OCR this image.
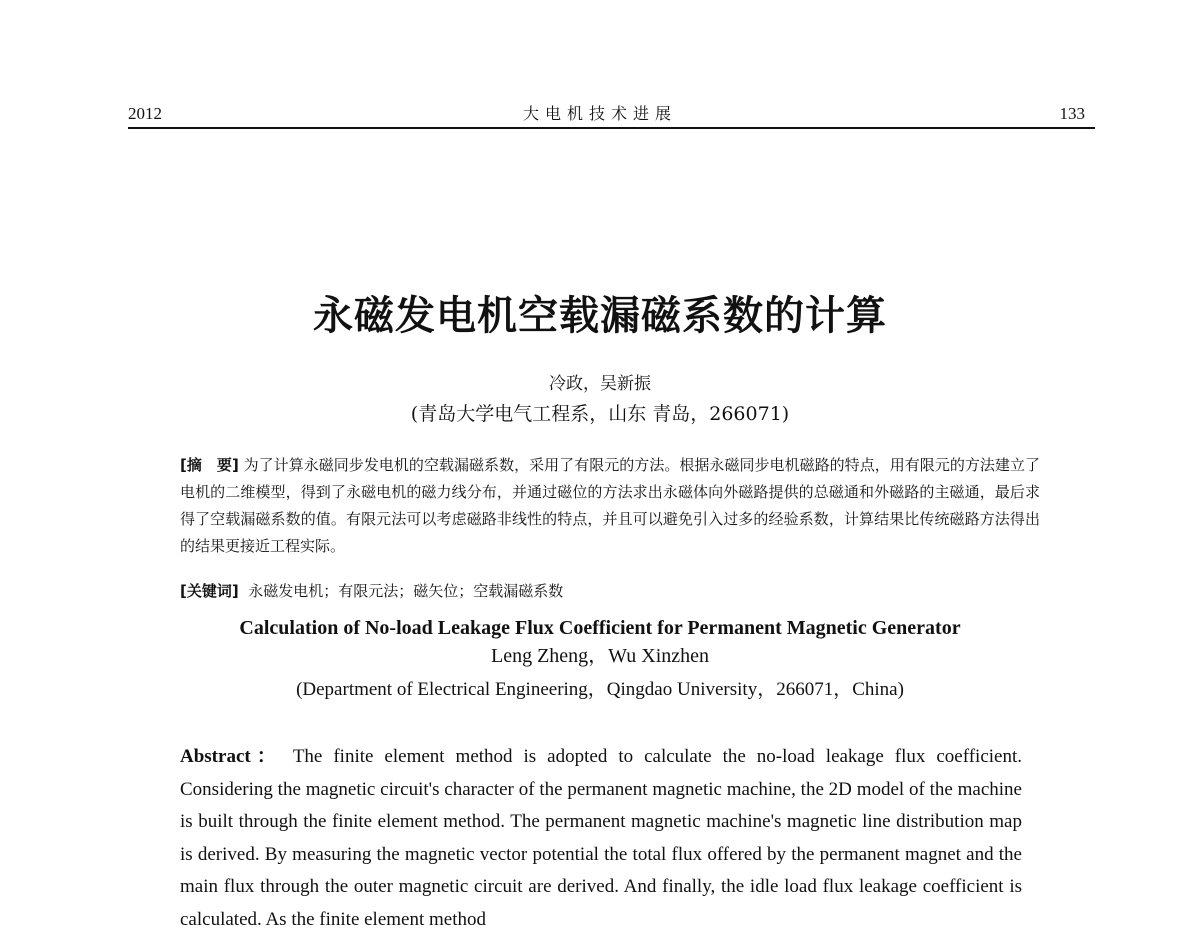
2012	大电机技术进展	133
永磁发电机空载漏磁系数的计算
冷政，吴新振
(青岛大学电气工程系，山东 青岛，266071)

[摘　要] 为了计算永磁同步发电机的空载漏磁系数，采用了有限元的方法。根据永磁同步电机磁路的特点，用有限元的方法建立了电机的二维模型，得到了永磁电机的磁力线分布，并通过磁位的方法求出永磁体向外磁路提供的总磁通和外磁路的主磁通，最后求得了空载漏磁系数的值。有限元法可以考虑磁路非线性的特点，并且可以避免引入过多的经验系数，计算结果比传统磁路方法得出的结果更接近工程实际。

[关键词] 永磁发电机；有限元法；磁矢位；空载漏磁系数

Calculation of No-load Leakage Flux Coefficient for Permanent Magnetic Generator
Leng Zheng，Wu Xinzhen
(Department of Electrical Engineering，Qingdao University，266071，China)

Abstract： The finite element method is adopted to calculate the no-load leakage flux coefficient. Considering the magnetic circuit's character of the permanent magnetic machine, the 2D model of the machine is built through the finite element method. The permanent magnetic machine's magnetic line distribution map is derived. By measuring the magnetic vector potential the total flux offered by the permanent magnet and the main flux through the outer magnetic circuit are derived. And finally, the idle load flux leakage coefficient is calculated. As the finite element method
